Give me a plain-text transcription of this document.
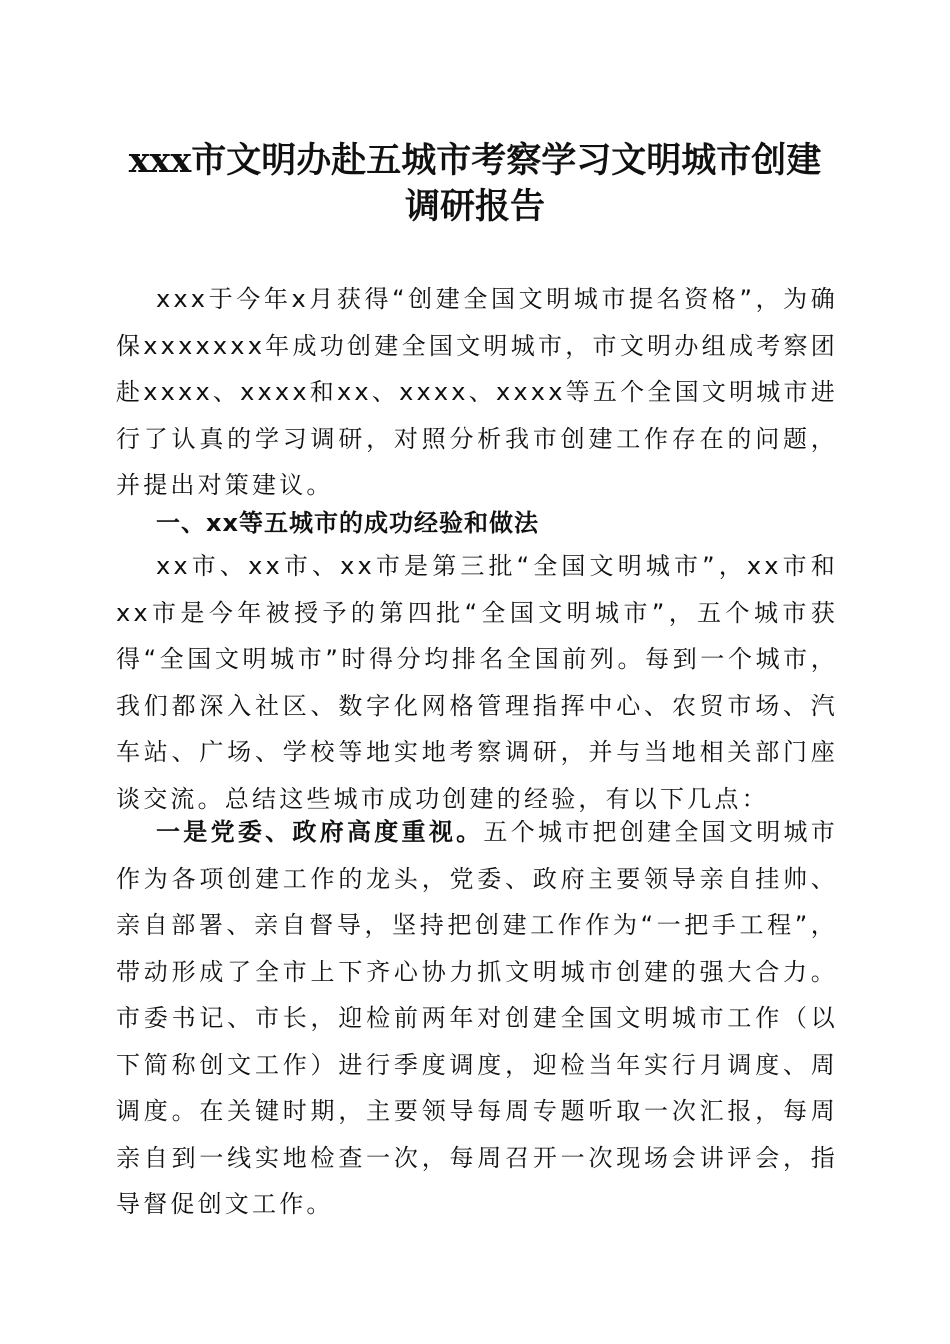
xxx市文明办赴五城市考察学习文明城市创建
调研报告

xxx于今年x月获得“创建全国文明城市提名资格”，为确保xxxxxxx年成功创建全国文明城市，市文明办组成考察团赴xxxx、xxxx和xx、xxxx、xxxx等五个全国文明城市进行了认真的学习调研，对照分析我市创建工作存在的问题，并提出对策建议。

一、xx等五城市的成功经验和做法

xx市、xx市、xx市是第三批“全国文明城市”，xx市和xx市是今年被授予的第四批“全国文明城市”，五个城市获得“全国文明城市”时得分均排名全国前列。每到一个城市，我们都深入社区、数字化网格管理指挥中心、农贸市场、汽车站、广场、学校等地实地考察调研，并与当地相关部门座谈交流。总结这些城市成功创建的经验，有以下几点：

一是党委、政府高度重视。五个城市把创建全国文明城市作为各项创建工作的龙头，党委、政府主要领导亲自挂帅、亲自部署、亲自督导，坚持把创建工作作为“一把手工程”，带动形成了全市上下齐心协力抓文明城市创建的强大合力。市委书记、市长，迎检前两年对创建全国文明城市工作（以下简称创文工作）进行季度调度，迎检当年实行月调度、周调度。在关键时期，主要领导每周专题听取一次汇报，每周亲自到一线实地检查一次，每周召开一次现场会讲评会，指导督促创文工作。
